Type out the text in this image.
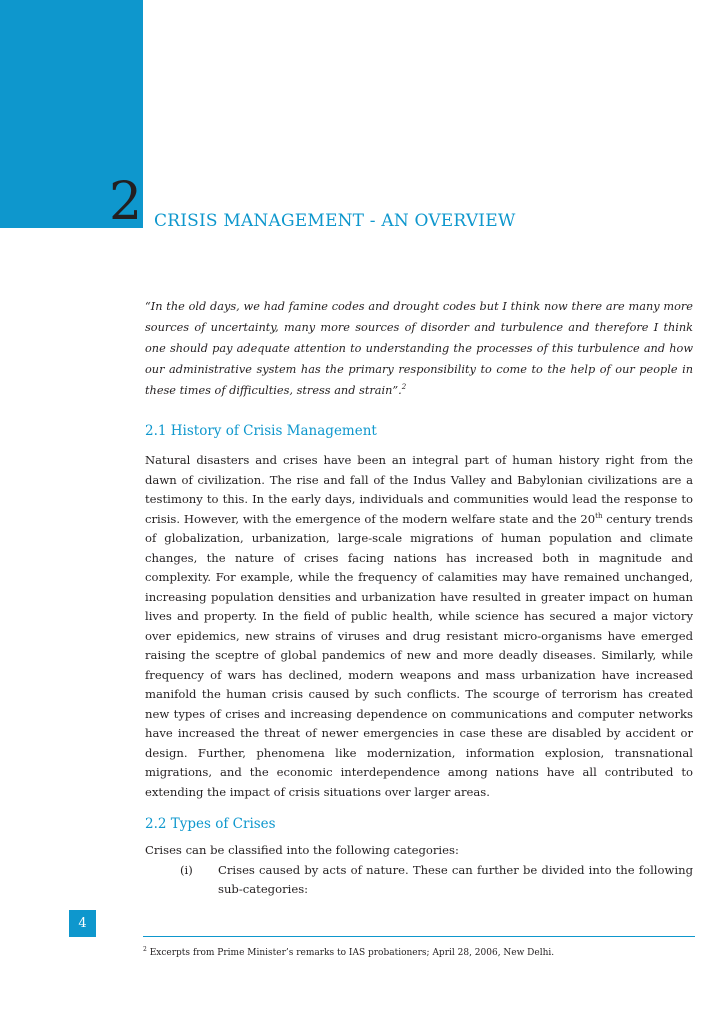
2 CRISIS MANAGEMENT - AN OVERVIEW

“In the old days, we had famine codes and drought codes but I think now there are many more sources of uncertainty, many more sources of disorder and turbulence and therefore I think one should pay adequate attention to understanding the processes of this turbulence and how our administrative system has the primary responsibility to come to the help of our people in these times of difficulties, stress and strain”.$^2$

2.1 History of Crisis Management

Natural disasters and crises have been an integral part of human history right from the dawn of civilization. The rise and fall of the Indus Valley and Babylonian civilizations are a testimony to this. In the early days, individuals and communities would lead the response to crisis. However, with the emergence of the modern welfare state and the 20th century trends of globalization, urbanization, large-scale migrations of human population and climate changes, the nature of crises facing nations has increased both in magnitude and complexity. For example, while the frequency of calamities may have remained unchanged, increasing population densities and urbanization have resulted in greater impact on human lives and property. In the field of public health, while science has secured a major victory over epidemics, new strains of viruses and drug resistant micro-organisms have emerged raising the sceptre of global pandemics of new and more deadly diseases. Similarly, while frequency of wars has declined, modern weapons and mass urbanization have increased manifold the human crisis caused by such conflicts. The scourge of terrorism has created new types of crises and increasing dependence on communications and computer networks have increased the threat of newer emergencies in case these are disabled by accident or design. Further, phenomena like modernization, information explosion, transnational migrations, and the economic interdependence among nations have all contributed to extending the impact of crisis situations over larger areas.

2.2 Types of Crises

Crises can be classified into the following categories:

(i)	Crises caused by acts of nature. These can further be divided into the following sub-categories:
4
$^2$ Excerpts from Prime Minister’s remarks to IAS probationers; April 28, 2006, New Delhi.
